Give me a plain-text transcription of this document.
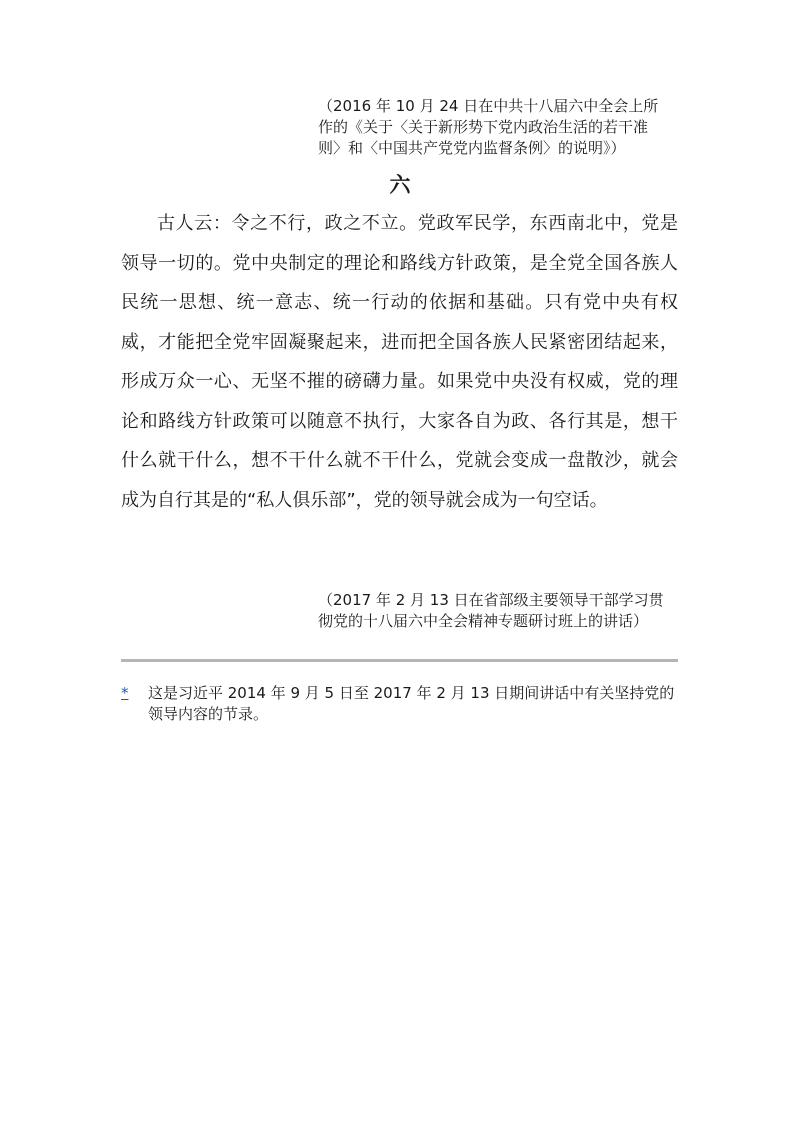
（2016 年 10 月 24 日在中共十八届六中全会上所作的《关于〈关于新形势下党内政治生活的若干准则〉和〈中国共产党党内监督条例〉的说明》）

六

古人云：令之不行，政之不立。党政军民学，东西南北中，党是领导一切的。党中央制定的理论和路线方针政策，是全党全国各族人民统一思想、统一意志、统一行动的依据和基础。只有党中央有权威，才能把全党牢固凝聚起来，进而把全国各族人民紧密团结起来，形成万众一心、无坚不摧的磅礴力量。如果党中央没有权威，党的理论和路线方针政策可以随意不执行，大家各自为政、各行其是，想干什么就干什么，想不干什么就不干什么，党就会变成一盘散沙，就会成为自行其是的“私人俱乐部”，党的领导就会成为一句空话。

（2017 年 2 月 13 日在省部级主要领导干部学习贯彻党的十八届六中全会精神专题研讨班上的讲话）

* 这是习近平 2014 年 9 月 5 日至 2017 年 2 月 13 日期间讲话中有关坚持党的领导内容的节录。
